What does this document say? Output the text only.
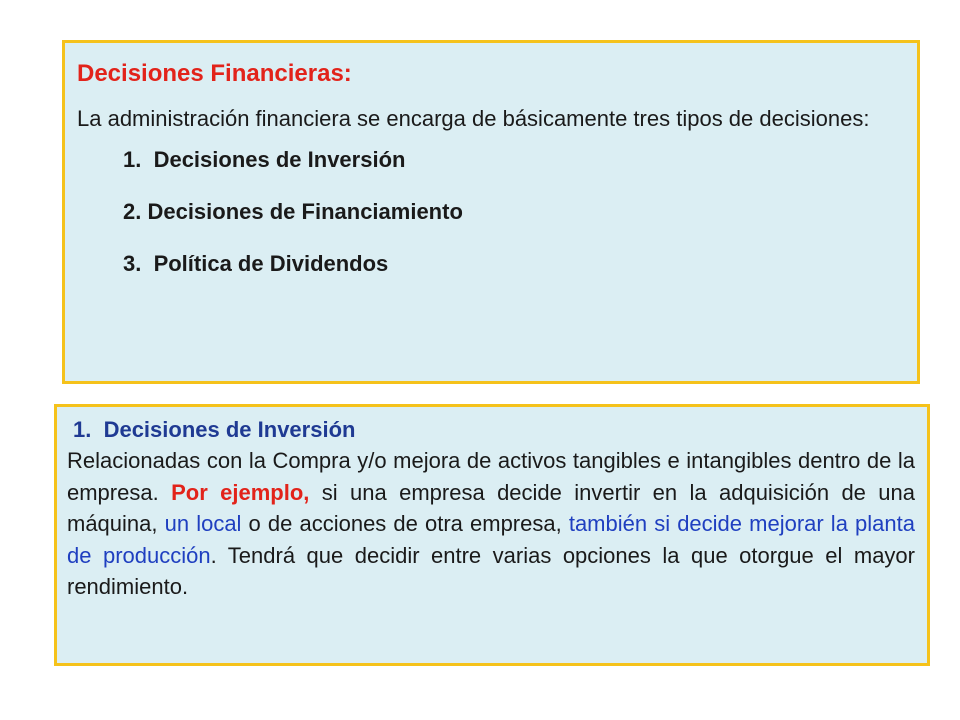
Decisiones Financieras:

La administración financiera se encarga de básicamente tres tipos de decisiones:

1.  Decisiones de Inversión
2. Decisiones de Financiamiento
3.  Política de Dividendos

1.  Decisiones de Inversión

Relacionadas con la Compra y/o mejora de activos tangibles e intangibles dentro de la empresa. Por ejemplo, si una empresa decide invertir en la adquisición de una máquina, un local o de acciones de otra empresa, también si decide mejorar la planta de producción. Tendrá que decidir entre varias opciones la que otorgue el mayor rendimiento.
